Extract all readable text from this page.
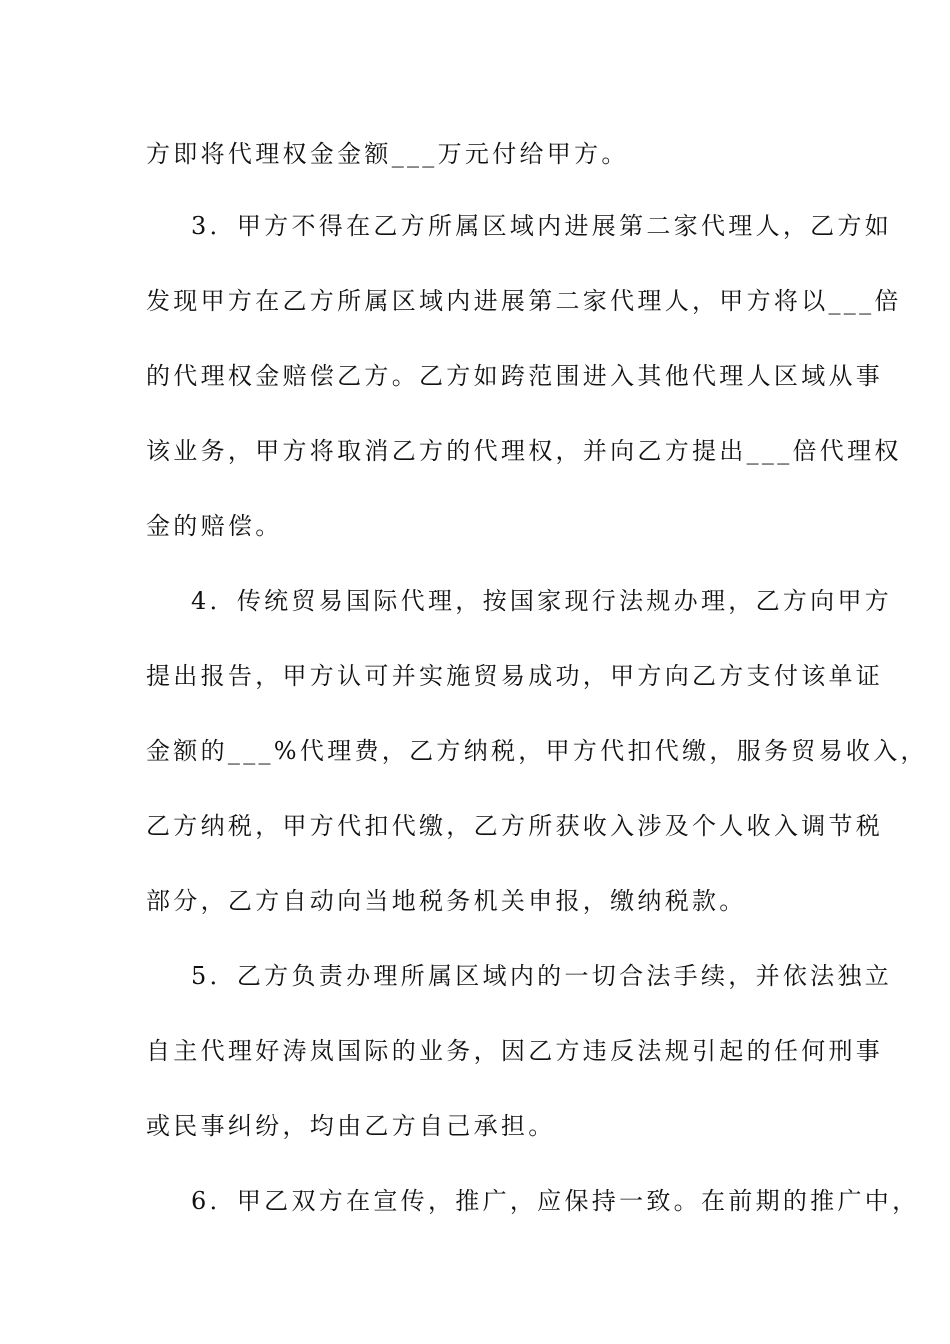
方即将代理权金金额___万元付给甲方。
3．甲方不得在乙方所属区域内进展第二家代理人，乙方如
发现甲方在乙方所属区域内进展第二家代理人，甲方将以___倍
的代理权金赔偿乙方。乙方如跨范围进入其他代理人区域从事
该业务，甲方将取消乙方的代理权，并向乙方提出___倍代理权
金的赔偿。
4．传统贸易国际代理，按国家现行法规办理，乙方向甲方
提出报告，甲方认可并实施贸易成功，甲方向乙方支付该单证
金额的___%代理费，乙方纳税，甲方代扣代缴，服务贸易收入，
乙方纳税，甲方代扣代缴，乙方所获收入涉及个人收入调节税
部分，乙方自动向当地税务机关申报，缴纳税款。
5．乙方负责办理所属区域内的一切合法手续，并依法独立
自主代理好涛岚国际的业务，因乙方违反法规引起的任何刑事
或民事纠纷，均由乙方自己承担。
6．甲乙双方在宣传，推广，应保持一致。在前期的推广中，
